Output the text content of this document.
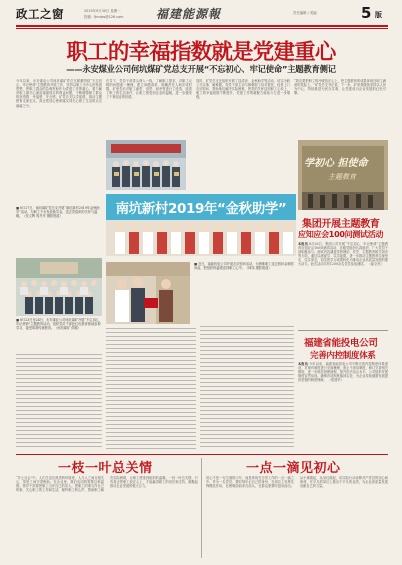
政工之窗	2019年9月30日 星期一
投稿：fjmdzs@126.com	福建能源報	责任编辑 / 美编	5 版
职工的幸福指数就是党建重心
——永安煤业公司何坑煤矿党总支开展“不忘初心、牢记使命”主题教育侧记
今年以来，永安煤业公司何坑煤矿党总支紧紧围绕“不忘初心、牢记使命”主题教育开展工作，坚持以职工为中心的发展思想，把职工群众的急难愁盼作为党建工作的重心，着力解决职工最关心最直接最现实的利益问题，不断增强职工群众的获得感、幸福感、安全感。矿党总支以学促做，推动主题教育走深走实，真正把初心使命落实到关心职工生活的点点滴滴之中。
在井下，党员干部带头深入一线，了解职工需求，对职工反映的问题逐一梳理，建立问题清单，明确责任人和完成时限。矿里先后对职工澡堂、食堂、宿舍等进行了改造，改善了职工的生活条件，让职工感受到企业的温暖，进一步激发了干事创业的热情。
同时，矿党总支还组织开展了送清凉、金秋助学等活动，切实为职工办实事、解难题。党员干部主动与困难职工结对帮扶，经常上门走访慰问，帮助他们解决实际困难，把党的关怀送到职工心坎上，职工的幸福指数不断提升，党建工作的凝聚力和战斗力进一步增强。
“我们要把职工的冷暖放在心上，把主题教育的成果体现在职工满意的笑脸上。”矿党总支书记说，下一步，矿里将继续坚持以人民为中心，持续推进为民办实事，让党建成为企业发展的红色引擎。
■ 8月27日，南坑煤矿党总支开展“南坑新村2019年金秋助学”活动，为职工子女发放助学金，送去党组织的关怀与温暖。（吴文辉 郭冬华 摄影报道）	南坑新村2019年“金秋助学”
学初心 担使命
主题教育
■ 8月23日至24日，永安煤业公司何坑煤矿开展“不忘初心、牢记使命”主题教育活动，组织党员干部赴红色教育基地参观学习，接受革命传统教育。（何坑煤矿 供稿）
■ 近日，福能机电公司开展走访慰问活动，为困难职工送去慰问金和慰问品，把组织的温暖送到职工心中。（林伟 摄影报道）
集团开展主题教育
应知应会100问测试活动
本报讯 8月26日，集团公司开展“不忘初心、牢记使命”主题教育应知应会100问测试活动，各级党组织认真组织，广大党员干部积极参与。测试内容涵盖党的理论、党史、主题教育相关知识等方面，通过以测促学、以学促做，进一步推动主题教育往深里走、往实里走，切实把学习成果转化为推动企业高质量发展的强大动力。此次活动共有1200余名党员参加测试。 （能全亮）
福建省能投电公司
完善内控制度体系
本报讯 今年以来，福建省能投电公司不断完善内控制度体系建设，对现有制度进行全面梳理，废止不适用制度，修订完善相关制度，进一步规范管理流程，提升依法治企水平。公司组织开展制度宣贯培训，确保各项制度落到实处，为企业持续健康发展提供坚强的制度保障。 （郑建华）
一枝一叶总关情
“乡土社会”中，人们生活在熟悉的环境里，人与人之间互相关心，邻里之间守望相助。在企业里，我们也同样需要这种温情。领导干部要把职工当作自己的亲人，把职工的事当作自己的事，关心职工的工作和生活，倾听职工的心声，帮助职工解决实际困难，让职工感受到组织的温暖。一枝一叶总关情，只有真正把职工放在心上，才能赢得职工的信任和支持，凝聚起推动企业发展的强大合力。
一点一滴见初心
初心不是一句空洞的口号，而是体现在日常工作的一点一滴之中。作为一名党员，要时刻牢记自己的身份，在岗位上发挥先锋模范作用，在困难面前冲在前头，在群众需要时挺身而出。从小事做起，从身边做起，用实际行动诠释共产党员的初心和使命，在平凡的岗位上做出不平凡的业绩，为企业高质量发展贡献自己的力量。
